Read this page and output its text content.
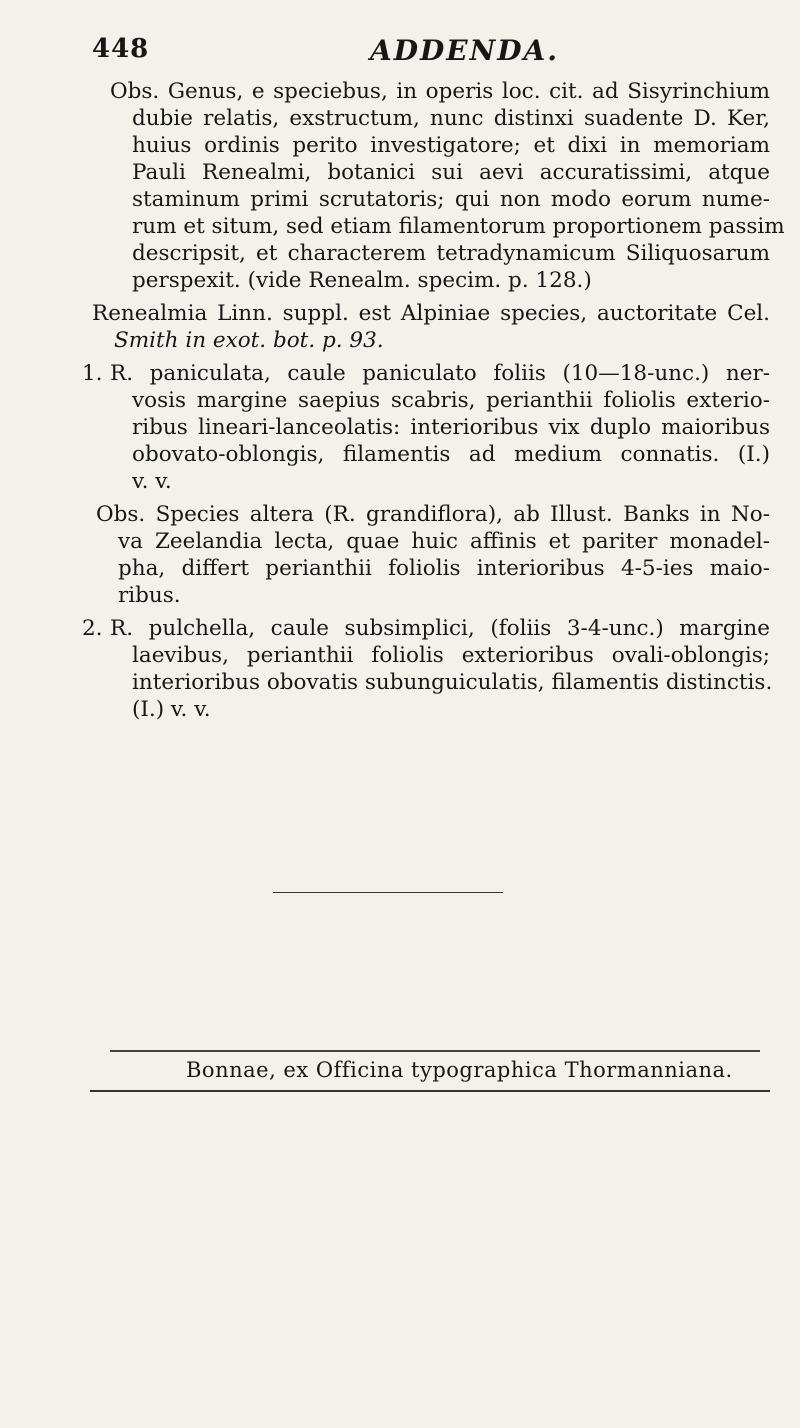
448	ADDENDA.
Obs. Genus, e speciebus, in operis loc. cit. ad Sisyrinchium
dubie relatis, exstructum, nunc distinxi suadente D. Ker,
huius ordinis perito investigatore; et dixi in memoriam
Pauli Renealmi, botanici sui aevi accuratissimi, atque
staminum primi scrutatoris; qui non modo eorum nume-
rum et situm, sed etiam filamentorum proportionem passim
descripsit, et characterem tetradynamicum Siliquosarum
perspexit. (vide Renealm. specim. p. 128.)
Renealmia Linn. suppl. est Alpiniae species, auctoritate Cel.
Smith in exot. bot. p. 93.
1. R. paniculata, caule paniculato foliis (10—18-unc.) ner-
vosis margine saepius scabris, perianthii foliolis exterio-
ribus lineari-lanceolatis: interioribus vix duplo maioribus
obovato-oblongis, filamentis ad medium connatis. (I.)
v. v.
Obs. Species altera (R. grandiflora), ab Illust. Banks in No-
va Zeelandia lecta, quae huic affinis et pariter monadel-
pha, differt perianthii foliolis interioribus 4-5-ies maio-
ribus.
2. R. pulchella, caule subsimplici, (foliis 3-4-unc.) margine
laevibus, perianthii foliolis exterioribus ovali-oblongis;
interioribus obovatis subunguiculatis, filamentis distinctis.
(I.) v. v.
Bonnae, ex Officina typographica Thormanniana.
